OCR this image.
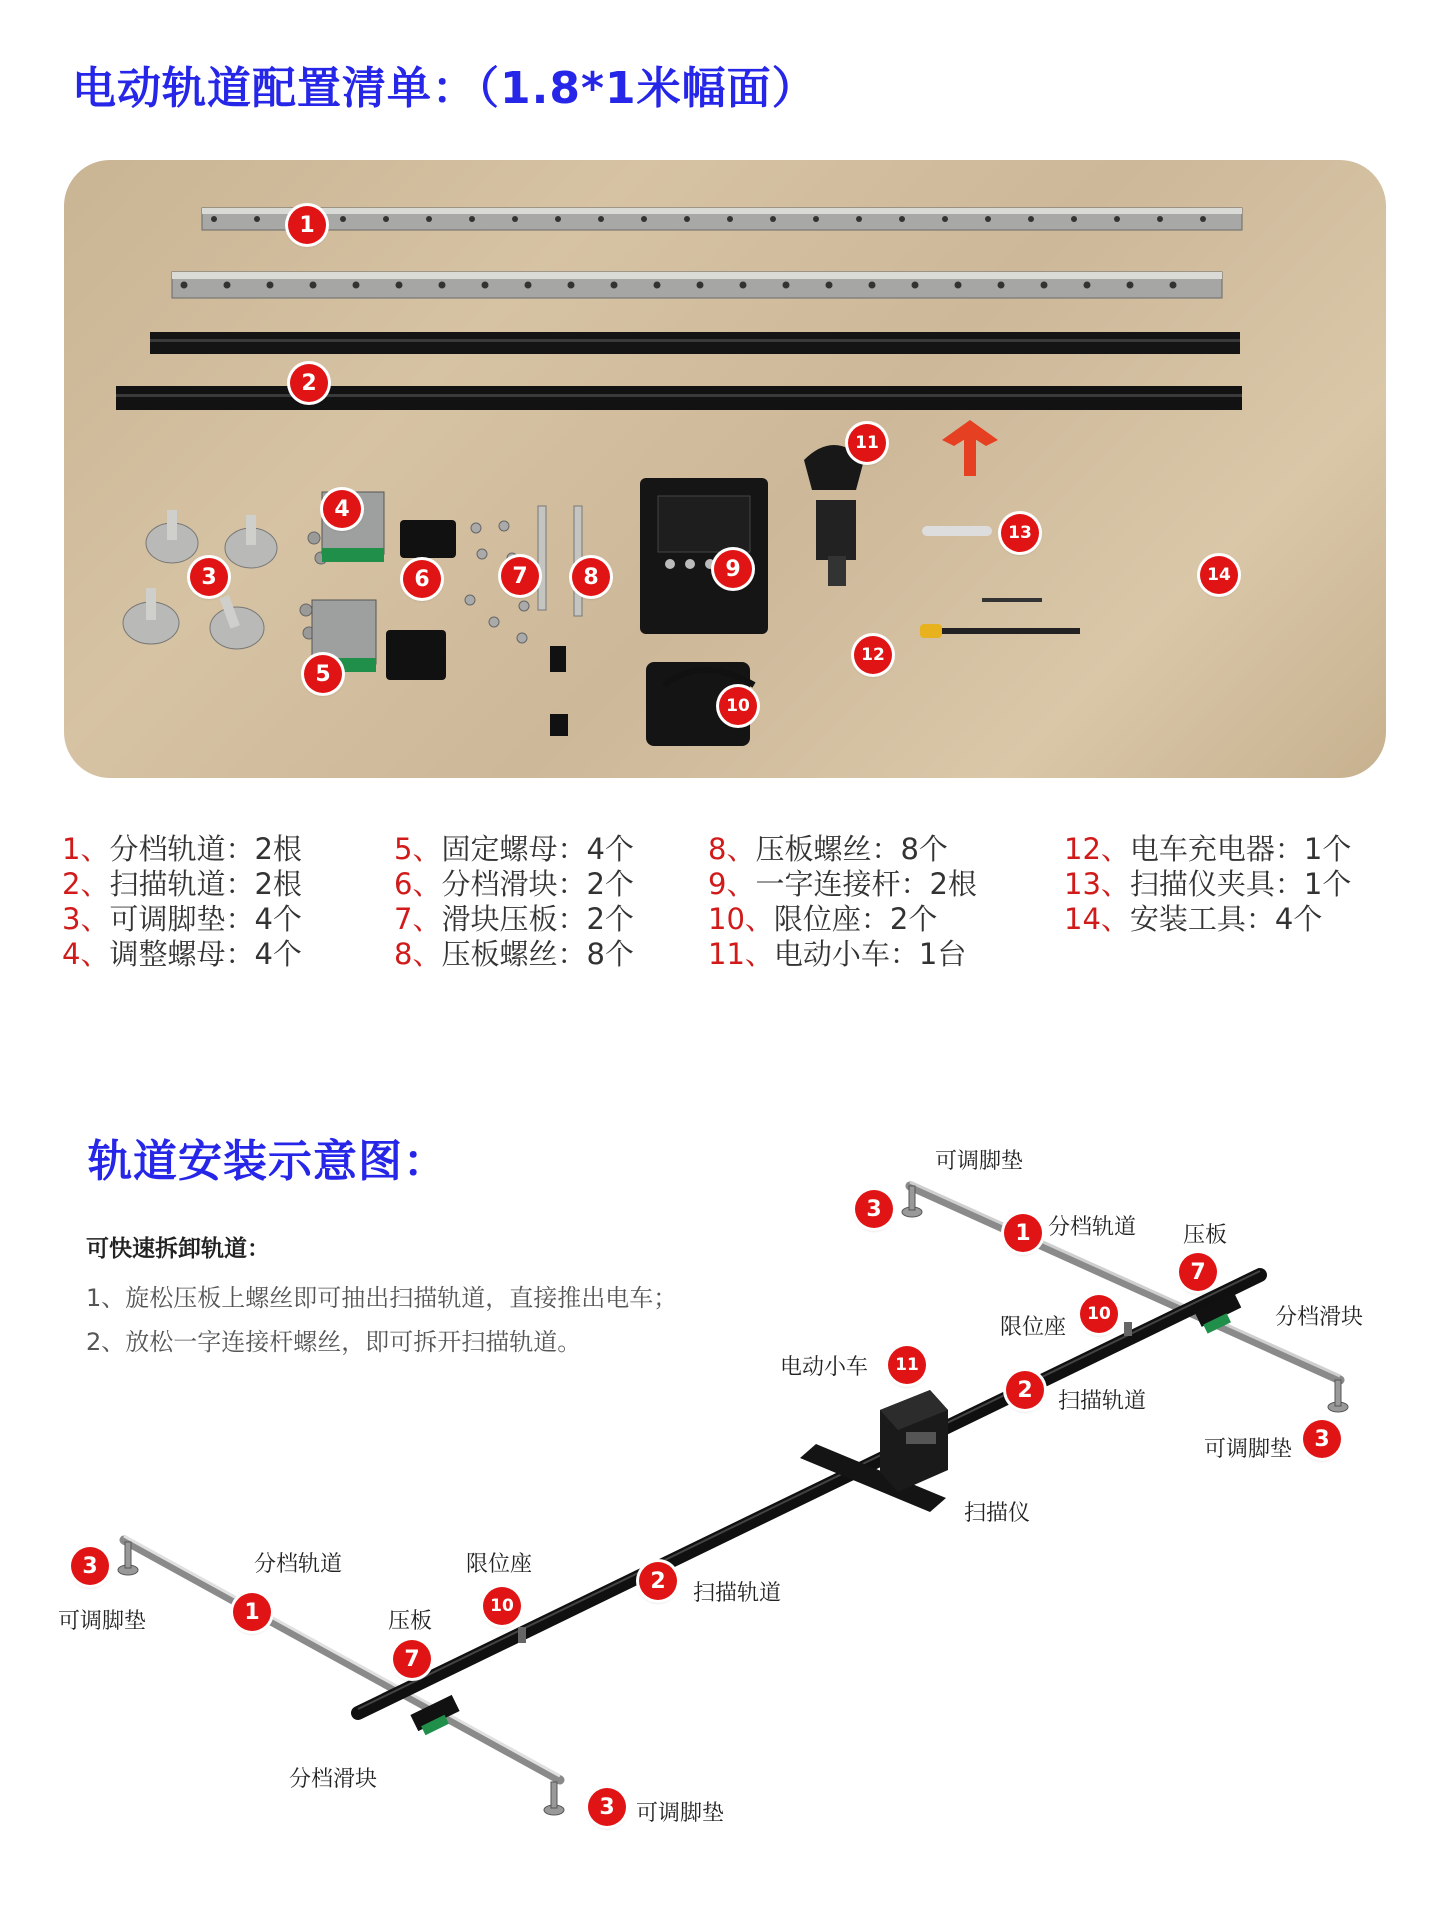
电动轨道配置清单：（1.8*1米幅面）
1
2
3
4
5
6	7	8	9
10
11
12
13
14
1、分档轨道：2根
2、扫描轨道：2根
3、可调脚垫：4个
4、调整螺母：4个
5、固定螺母：4个
6、分档滑块：2个
7、滑块压板：2个
8、压板螺丝：8个
8、压板螺丝：8个
9、一字连接杆：2根
10、限位座：2个
11、电动小车：1台
12、电车充电器：1个
13、扫描仪夹具：1个
14、安装工具：4个
轨道安装示意图：
可快速拆卸轨道：
1、旋松压板上螺丝即可抽出扫描轨道，直接推出电车；
2、放松一字连接杆螺丝，即可拆开扫描轨道。
3
1
7
10
11
2
3
3
1	10
7
2
3
可调脚垫
分档轨道 压板
分档滑块
限位座
电动小车
扫描轨道
可调脚垫
扫描仪
分档轨道	限位座
可调脚垫	压板
扫描轨道
分档滑块
可调脚垫
